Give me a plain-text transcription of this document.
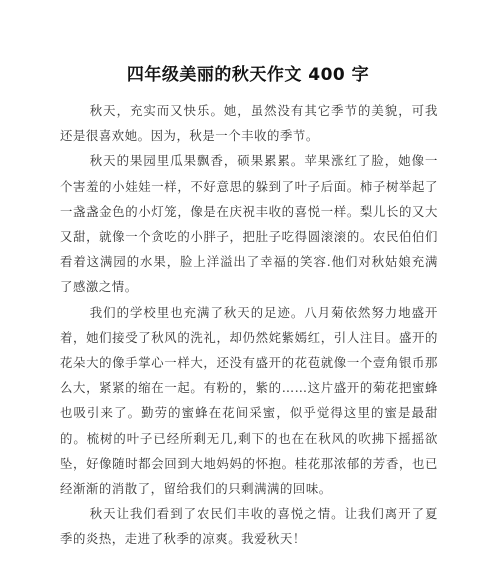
四年级美丽的秋天作文 400 字

秋天，充实而又快乐。她，虽然没有其它季节的美貌，可我还是很喜欢她。因为，秋是一个丰收的季节。

秋天的果园里瓜果飘香，硕果累累。苹果涨红了脸，她像一个害羞的小娃娃一样，不好意思的躲到了叶子后面。柿子树举起了一盏盏金色的小灯笼，像是在庆祝丰收的喜悦一样。梨儿长的又大又甜，就像一个贪吃的小胖子，把肚子吃得圆滚滚的。农民伯伯们看着这满园的水果，脸上洋溢出了幸福的笑容.他们对秋姑娘充满了感激之情。

我们的学校里也充满了秋天的足迹。八月菊依然努力地盛开着，她们接受了秋风的洗礼，却仍然姹紫嫣红，引人注目。盛开的花朵大的像手掌心一样大，还没有盛开的花苞就像一个壹角银币那么大，紧紧的缩在一起。有粉的，紫的……这片盛开的菊花把蜜蜂也吸引来了。勤劳的蜜蜂在花间采蜜，似乎觉得这里的蜜是最甜的。梳树的叶子已经所剩无几,剩下的也在在秋风的吹拂下摇摇欲坠，好像随时都会回到大地妈妈的怀抱。桂花那浓郁的芳香，也已经渐渐的消散了，留给我们的只剩满满的回味。

秋天让我们看到了农民们丰收的喜悦之情。让我们离开了夏季的炎热，走进了秋季的凉爽。我爱秋天！
